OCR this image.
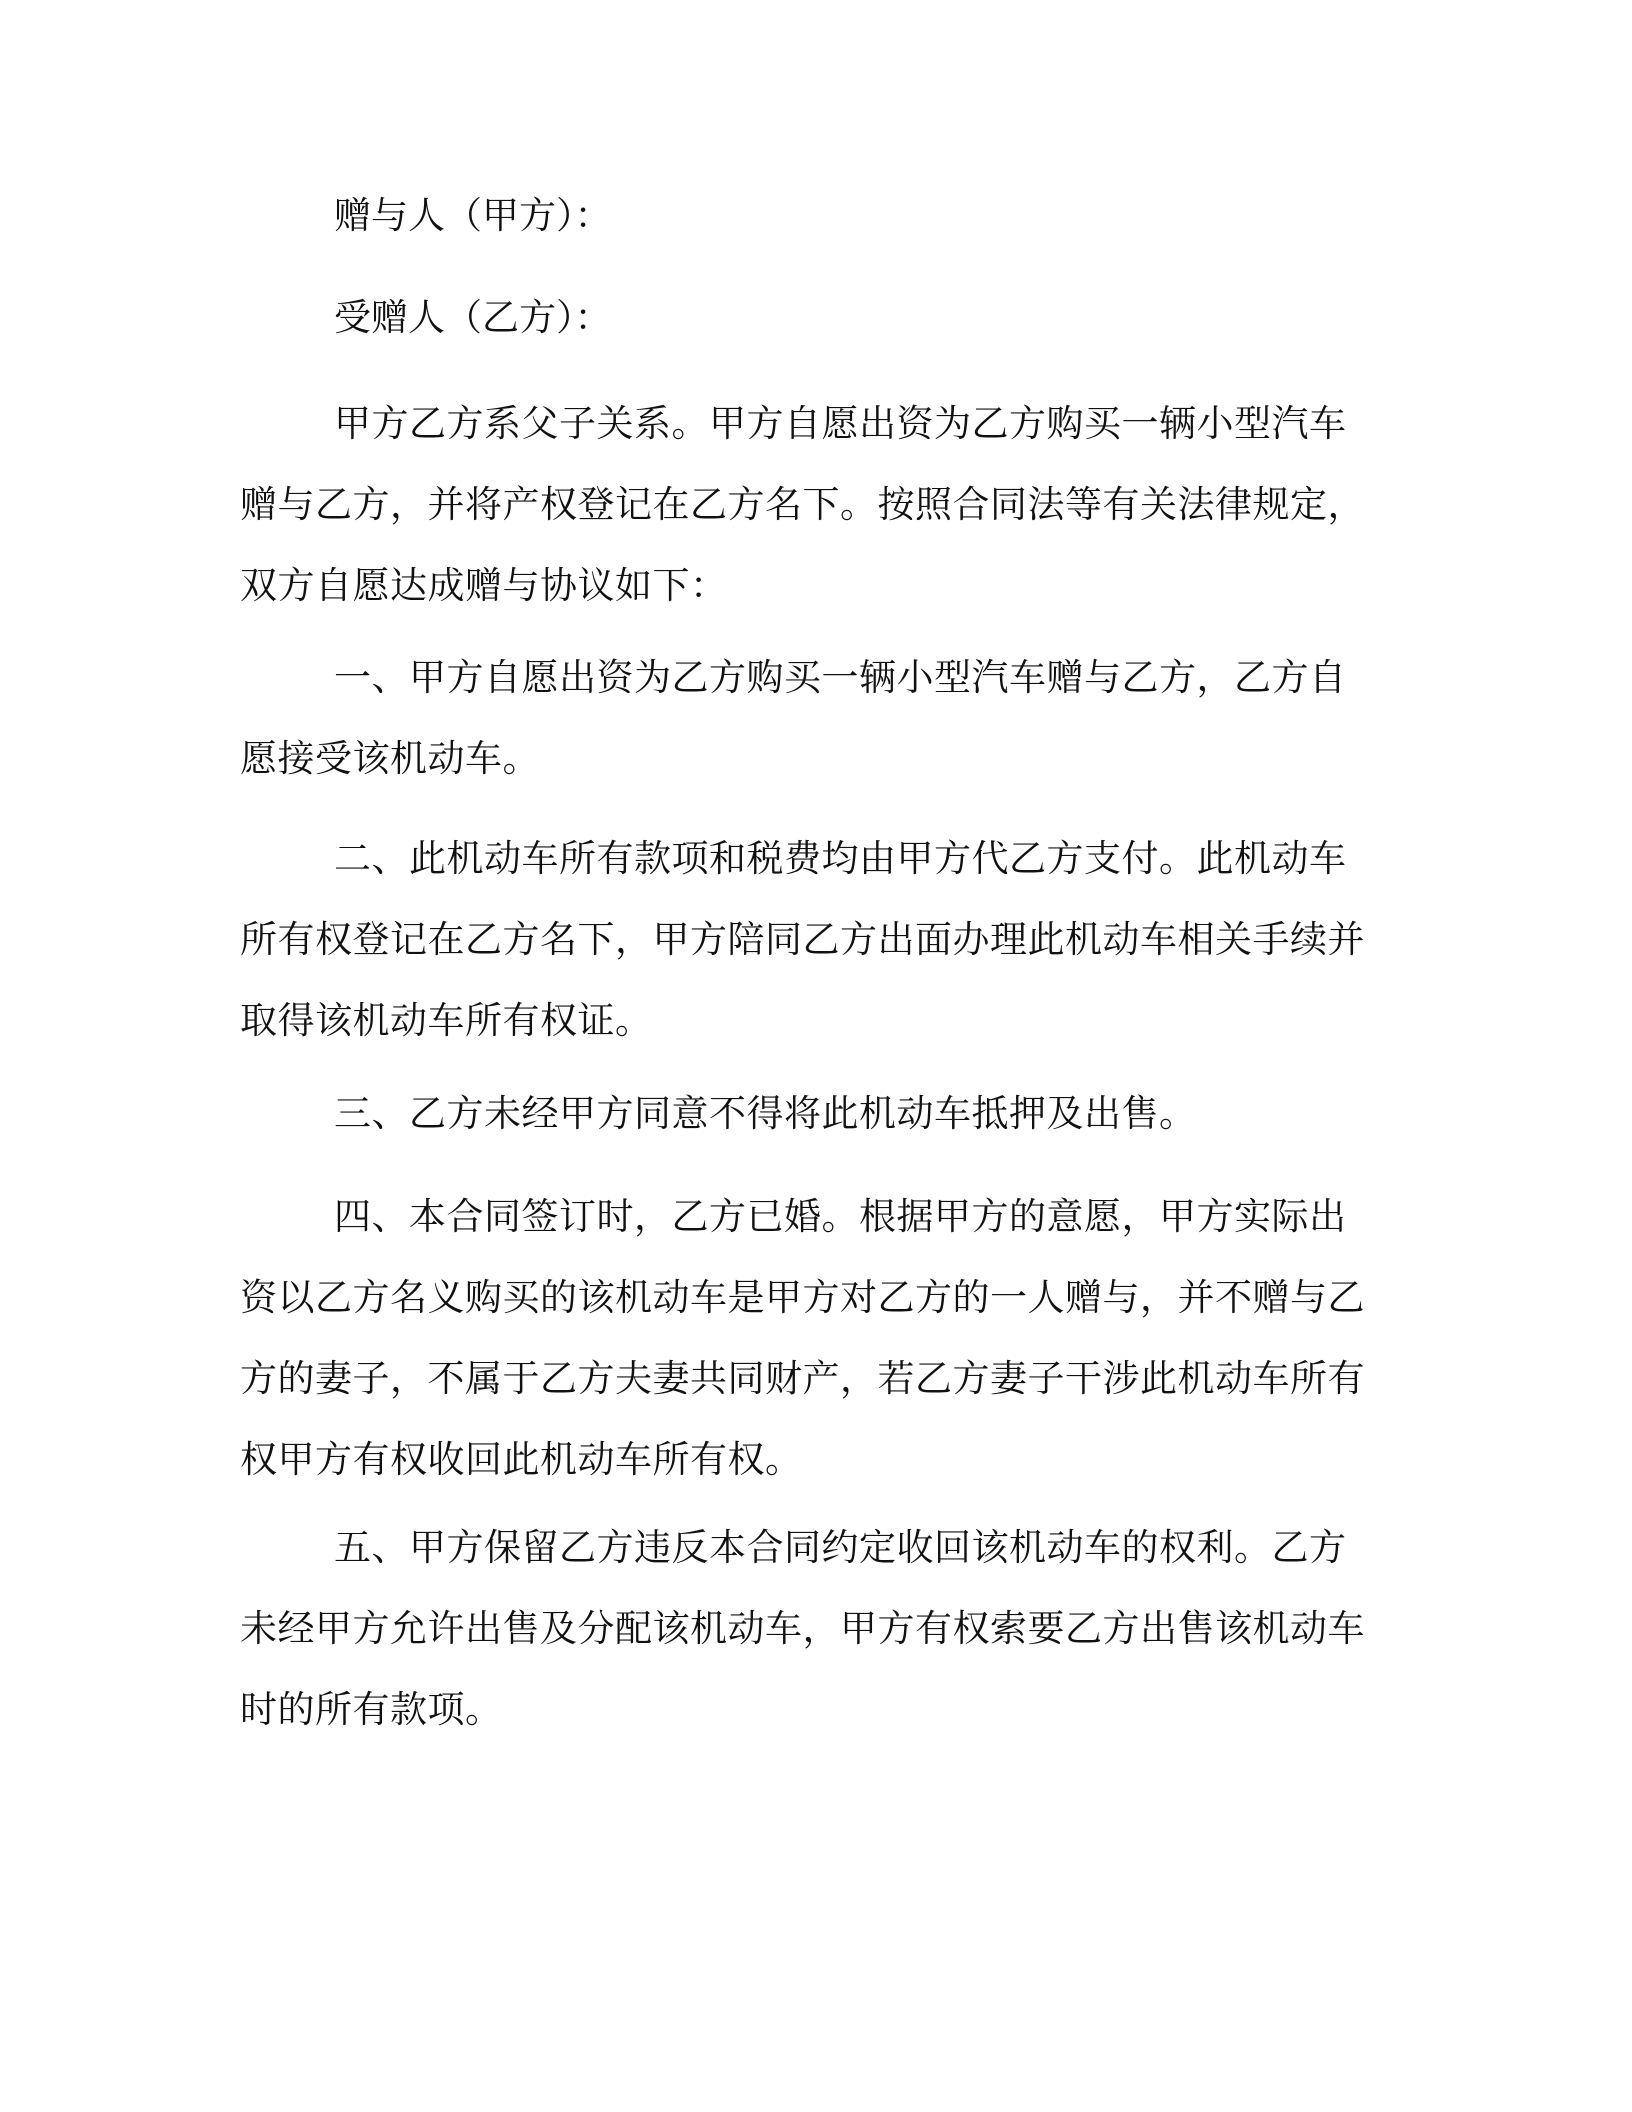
赠与人（甲方）：
受赠人（乙方）：

甲方乙方系父子关系。甲方自愿出资为乙方购买一辆小型汽车赠与乙方，并将产权登记在乙方名下。按照合同法等有关法律规定，双方自愿达成赠与协议如下：

一、甲方自愿出资为乙方购买一辆小型汽车赠与乙方，乙方自愿接受该机动车。

二、此机动车所有款项和税费均由甲方代乙方支付。此机动车所有权登记在乙方名下，甲方陪同乙方出面办理此机动车相关手续并取得该机动车所有权证。

三、乙方未经甲方同意不得将此机动车抵押及出售。

四、本合同签订时，乙方已婚。根据甲方的意愿，甲方实际出资以乙方名义购买的该机动车是甲方对乙方的一人赠与，并不赠与乙方的妻子，不属于乙方夫妻共同财产，若乙方妻子干涉此机动车所有权甲方有权收回此机动车所有权。

五、甲方保留乙方违反本合同约定收回该机动车的权利。乙方未经甲方允许出售及分配该机动车，甲方有权索要乙方出售该机动车时的所有款项。
